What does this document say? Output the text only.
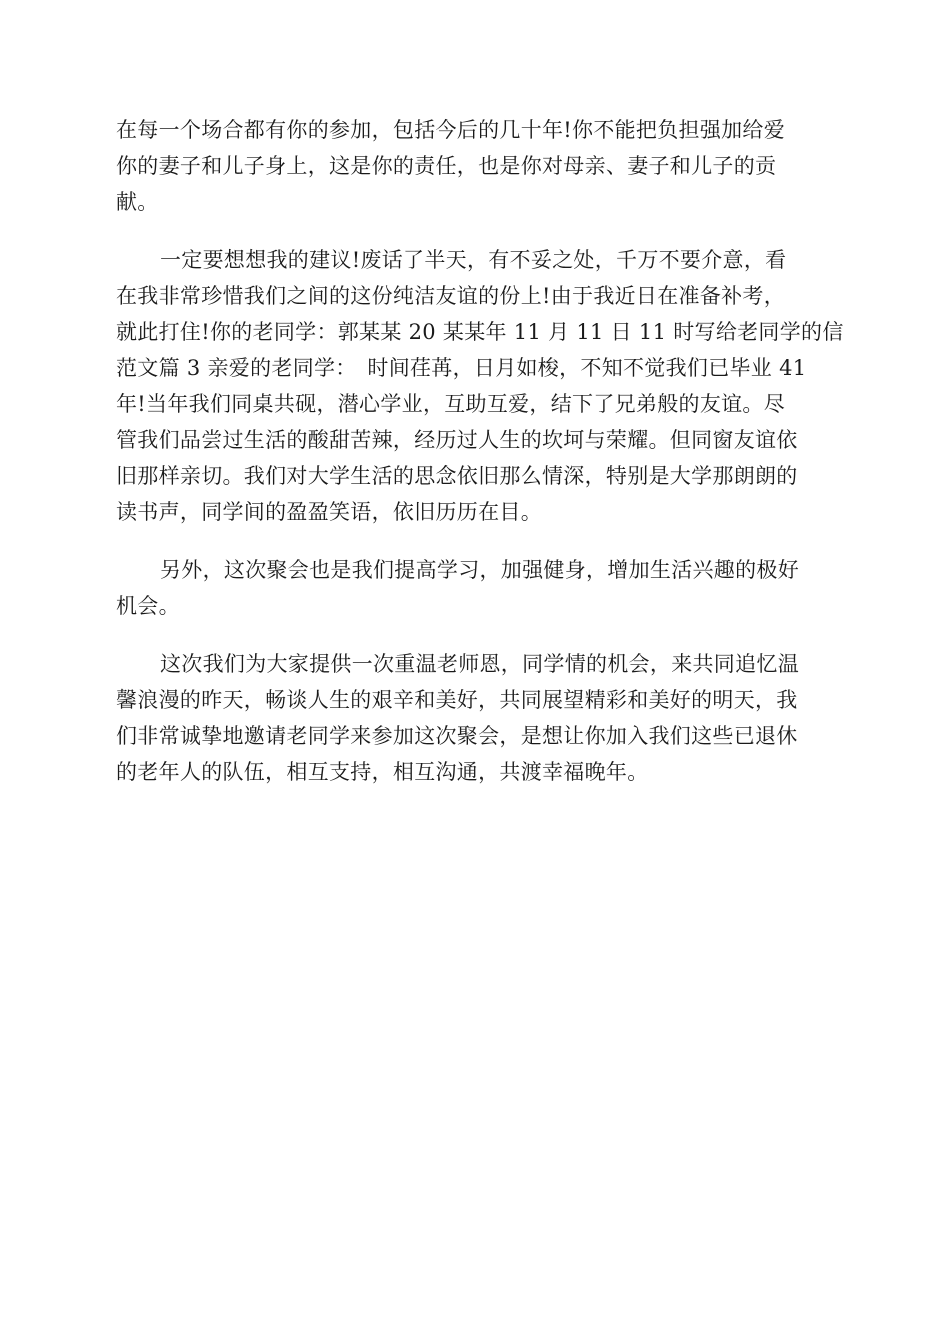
在每一个场合都有你的参加，包括今后的几十年!你不能把负担强加给爱
你的妻子和儿子身上，这是你的责任，也是你对母亲、妻子和儿子的贡
献。
一定要想想我的建议!废话了半天，有不妥之处，千万不要介意，看
在我非常珍惜我们之间的这份纯洁友谊的份上!由于我近日在准备补考，
就此打住!你的老同学：郭某某 20 某某年 11 月 11 日 11 时写给老同学的信
范文篇 3 亲爱的老同学：　时间荏苒，日月如梭，不知不觉我们已毕业 41
年!当年我们同桌共砚，潜心学业，互助互爱，结下了兄弟般的友谊。尽
管我们品尝过生活的酸甜苦辣，经历过人生的坎坷与荣耀。但同窗友谊依
旧那样亲切。我们对大学生活的思念依旧那么情深，特别是大学那朗朗的
读书声，同学间的盈盈笑语，依旧历历在目。
另外，这次聚会也是我们提高学习，加强健身，增加生活兴趣的极好
机会。
这次我们为大家提供一次重温老师恩，同学情的机会，来共同追忆温
馨浪漫的昨天，畅谈人生的艰辛和美好，共同展望精彩和美好的明天，我
们非常诚挚地邀请老同学来参加这次聚会，是想让你加入我们这些已退休
的老年人的队伍，相互支持，相互沟通，共渡幸福晚年。
